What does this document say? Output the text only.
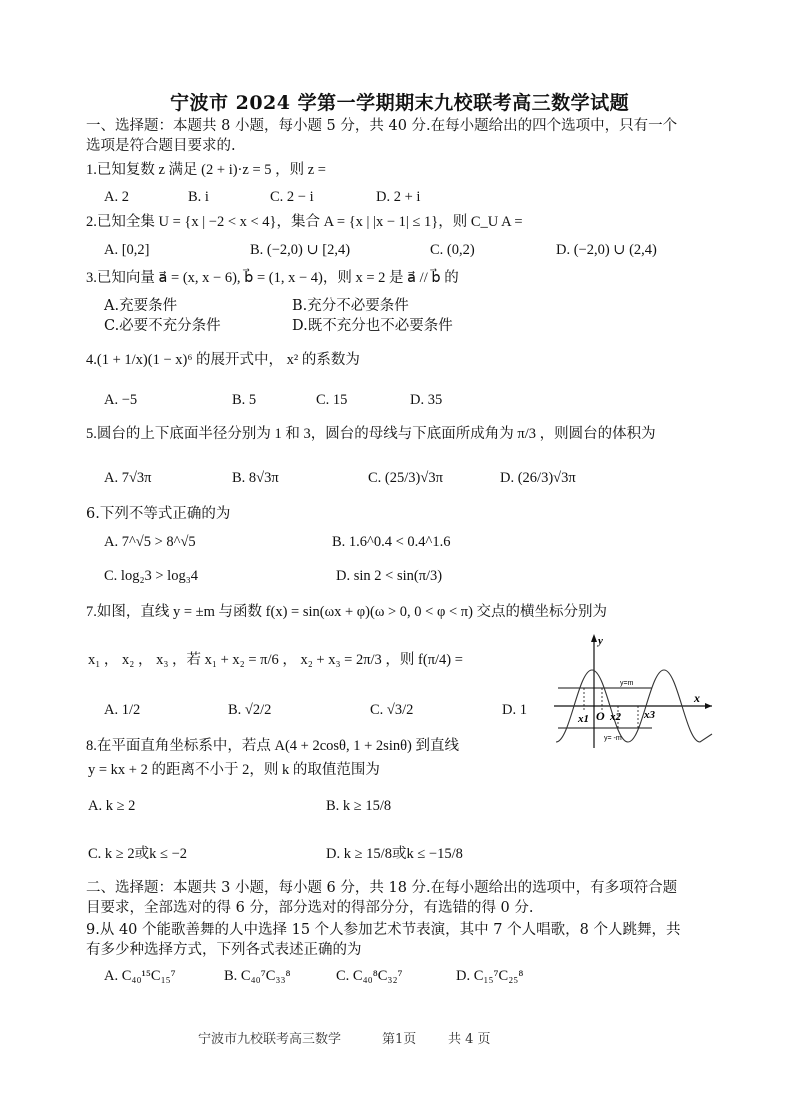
宁波市 2024 学第一学期期末九校联考高三数学试题
一、选择题：本题共 8 小题，每小题 5 分，共 40 分.在每小题给出的四个选项中，只有一个
选项是符合题目要求的.
1.已知复数 z 满足 (2 + i)·z = 5 ，则 z =
A. 2	B. i	C. 2 − i	D. 2 + i
2.已知全集 U = {x | −2 < x < 4}，集合 A = {x | |x − 1| ≤ 1}，则 C_U A =
A. [0,2]	B. (−2,0) ∪ [2,4)	C. (0,2)	D. (−2,0) ∪ (2,4)
3.已知向量 a⃗ = (x, x − 6), b⃗ = (1, x − 4)，则 x = 2 是 a⃗ // b⃗ 的
A.充要条件	B.充分不必要条件
C.必要不充分条件	D.既不充分也不必要条件
4.(1 + 1/x)(1 − x)⁶ 的展开式中， x² 的系数为
A. −5	B. 5	C. 15	D. 35
5.圆台的上下底面半径分别为 1 和 3，圆台的母线与下底面所成角为 π/3 ，则圆台的体积为
A. 7√3π	B. 8√3π	C. (25/3)√3π	D. (26/3)√3π
6.下列不等式正确的为
A. 7^√5 > 8^√5	B. 1.6^0.4 < 0.4^1.6
C. log₂3 > log₃4	D. sin 2 < sin(π/3)
7.如图，直线 y = ±m 与函数 f(x) = sin(ωx + φ)(ω > 0, 0 < φ < π) 交点的横坐标分别为
x₁ ， x₂ ， x₃ ，若 x₁ + x₂ = π/6 ， x₂ + x₃ = 2π/3 ，则 f(π/4) =
A. 1/2	B. √2/2	C. √3/2	D. 1
y
x
y=m
y= -m
O
x1 x2 x3
8.在平面直角坐标系中，若点 A(4 + 2cosθ, 1 + 2sinθ) 到直线
y = kx + 2 的距离不小于 2，则 k 的取值范围为
A. k ≥ 2	B. k ≥ 15/8
C. k ≥ 2或k ≤ −2	D. k ≥ 15/8或k ≤ −15/8
二、选择题：本题共 3 小题，每小题 6 分，共 18 分.在每小题给出的选项中，有多项符合题
目要求，全部选对的得 6 分，部分选对的得部分分，有选错的得 0 分.
9.从 40 个能歌善舞的人中选择 15 个人参加艺术节表演，其中 7 个人唱歌，8 个人跳舞，共
有多少种选择方式，下列各式表述正确的为
A. C₄₀¹⁵C₁₅⁷	B. C₄₀⁷C₃₃⁸	C. C₄₀⁸C₃₂⁷	D. C₁₅⁷C₂₅⁸
宁波市九校联考高三数学	第1页 共 4 页
